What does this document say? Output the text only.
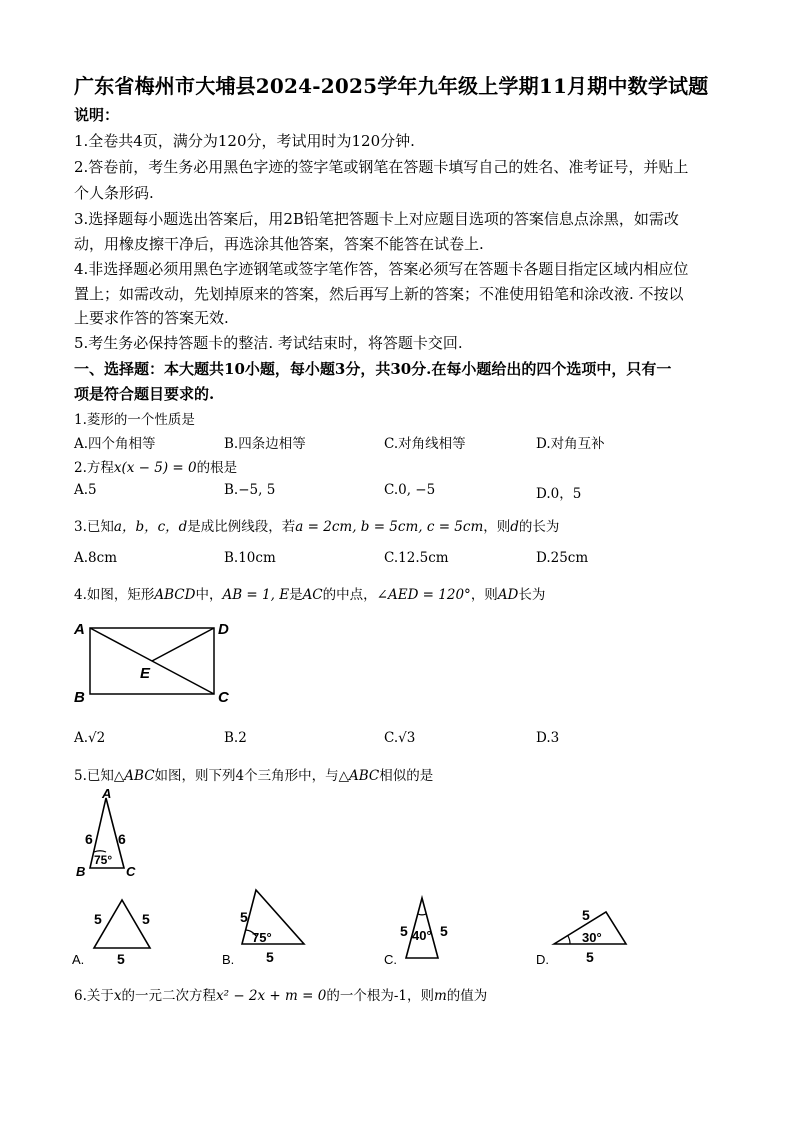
广东省梅州市大埔县2024-2025学年九年级上学期11月期中数学试题
说明：
1.全卷共4页，满分为120分，考试用时为120分钟.
2.答卷前，考生务必用黑色字迹的签字笔或钢笔在答题卡填写自己的姓名、准考证号，并贴上
个人条形码.
3.选择题每小题选出答案后，用2B铅笔把答题卡上对应题目选项的答案信息点涂黑，如需改
动，用橡皮擦干净后，再选涂其他答案，答案不能答在试卷上.
4.非选择题必须用黑色字迹钢笔或签字笔作答，答案必须写在答题卡各题目指定区域内相应位
置上；如需改动，先划掉原来的答案，然后再写上新的答案；不准使用铅笔和涂改液. 不按以
上要求作答的答案无效.
5.考生务必保持答题卡的整洁. 考试结束时，将答题卡交回.
一、选择题：本大题共10小题，每小题3分，共30分.在每小题给出的四个选项中，只有一
项是符合题目要求的.
1.菱形的一个性质是
A.四个角相等	B.四条边相等	C.对角线相等	D.对角互补
2.方程x(x − 5) = 0的根是
A.5	B.−5, 5	C.0, −5	D.0，5
3.已知a，b，c，d是成比例线段，若a = 2cm, b = 5cm, c = 5cm，则d的长为
A.8cm	B.10cm	C.12.5cm	D.25cm
4.如图，矩形ABCD中，AB = 1, E是AC的中点，∠AED = 120°，则AD长为
A	D
E
B	C
A.√2	B.2	C.√3	D.3
5.已知△ABC如图，则下列4个三角形中，与△ABC相似的是
A
6 6
75°
B	C
A.
5	5
5	B.
5
75°
5	C.
5 40° 5
D.
5
30°
5
6.关于x的一元二次方程x² − 2x + m = 0的一个根为-1，则m的值为
